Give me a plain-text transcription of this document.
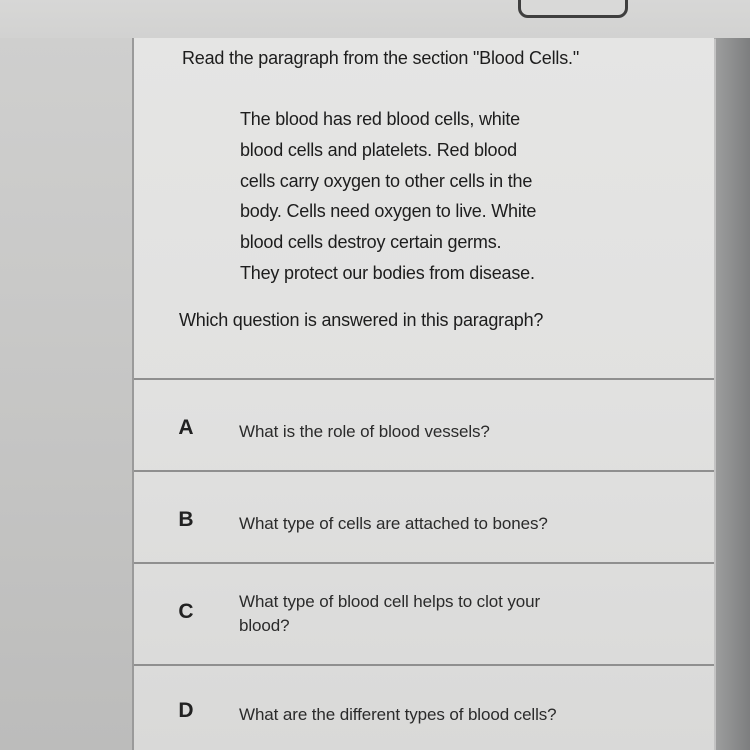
Read the paragraph from the section "Blood Cells."
The blood has red blood cells, white
blood cells and platelets. Red blood
cells carry oxygen to other cells in the
body. Cells need oxygen to live. White
blood cells destroy certain germs.
They protect our bodies from disease.
Which question is answered in this paragraph?
A	What is the role of blood vessels?
B	What type of cells are attached to bones?
C	What type of blood cell helps to clot your
blood?
D	What are the different types of blood cells?
